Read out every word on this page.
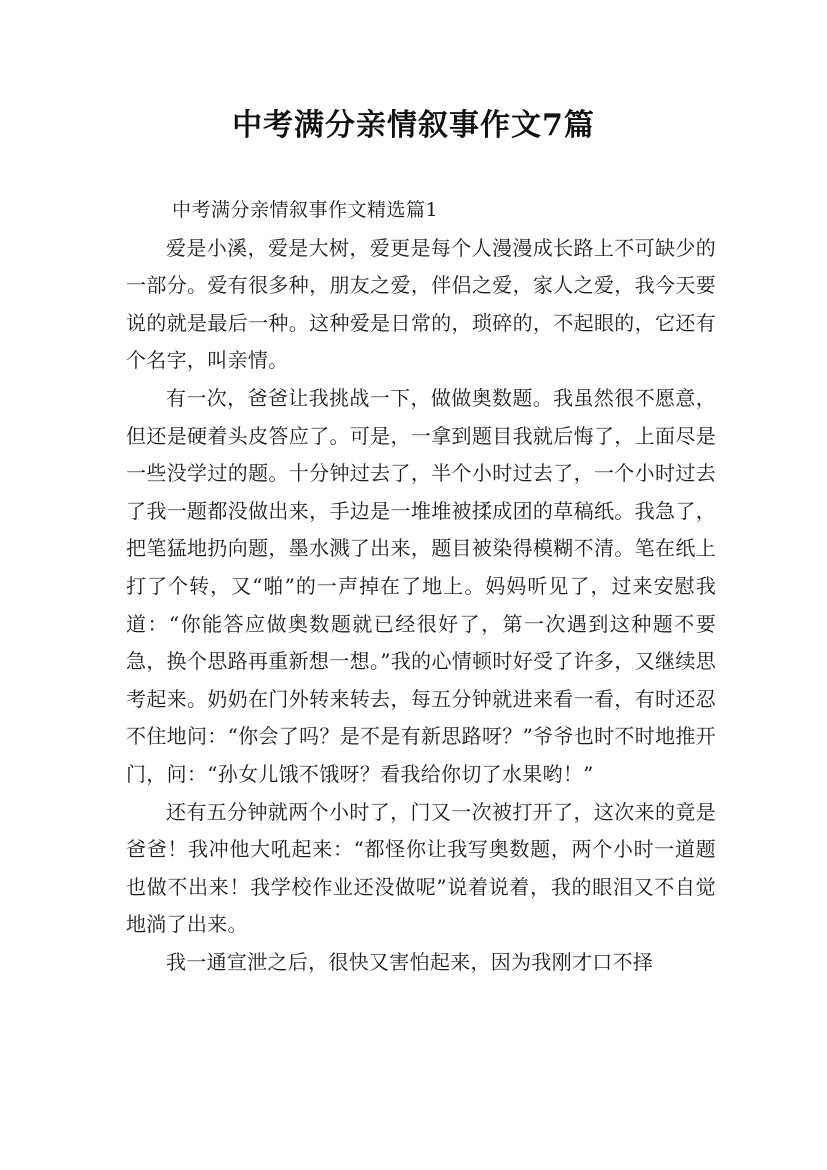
中考满分亲情叙事作文7篇

中考满分亲情叙事作文精选篇1

爱是小溪，爱是大树，爱更是每个人漫漫成长路上不可缺少的一部分。爱有很多种，朋友之爱，伴侣之爱，家人之爱，我今天要说的就是最后一种。这种爱是日常的，琐碎的，不起眼的，它还有个名字，叫亲情。

有一次，爸爸让我挑战一下，做做奥数题。我虽然很不愿意，但还是硬着头皮答应了。可是，一拿到题目我就后悔了，上面尽是一些没学过的题。十分钟过去了，半个小时过去了，一个小时过去了我一题都没做出来，手边是一堆堆被揉成团的草稿纸。我急了，把笔猛地扔向题，墨水溅了出来，题目被染得模糊不清。笔在纸上打了个转，又“啪”的一声掉在了地上。妈妈听见了，过来安慰我道：“你能答应做奥数题就已经很好了，第一次遇到这种题不要急，换个思路再重新想一想。”我的心情顿时好受了许多，又继续思考起来。奶奶在门外转来转去，每五分钟就进来看一看，有时还忍不住地问：“你会了吗？是不是有新思路呀？”爷爷也时不时地推开门，问：“孙女儿饿不饿呀？看我给你切了水果哟！”

还有五分钟就两个小时了，门又一次被打开了，这次来的竟是爸爸！我冲他大吼起来：“都怪你让我写奥数题，两个小时一道题也做不出来！我学校作业还没做呢”说着说着，我的眼泪又不自觉地淌了出来。

我一通宣泄之后，很快又害怕起来，因为我刚才口不择
